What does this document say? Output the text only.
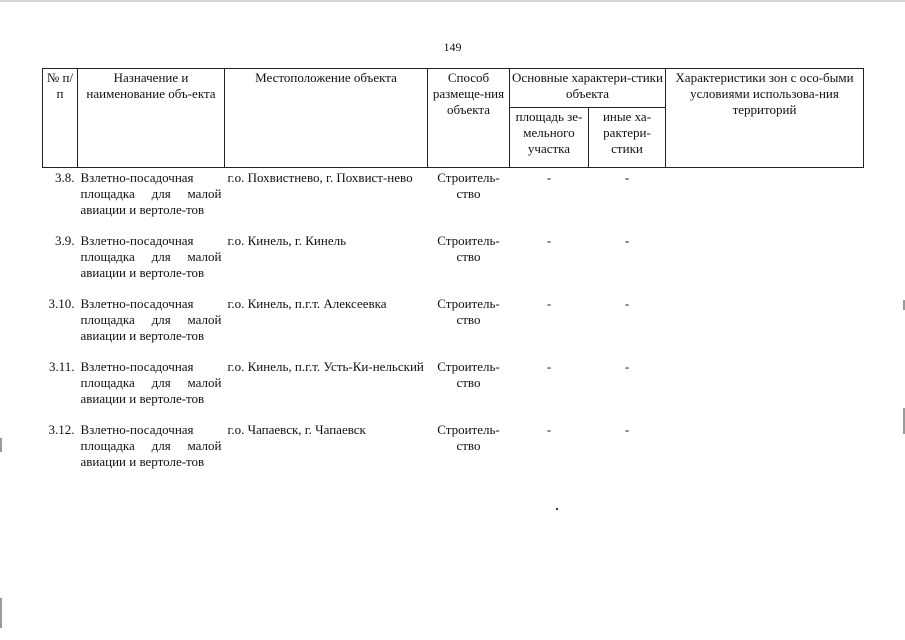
149
№ п/п	Назначение и наименование объ-екта	Местоположение объекта	Способ размеще-ния объекта	Основные характери-стики объекта		Характеристики зон с осо-быми условиями использова-ния территорий
				площадь зе-мельного участка	иные ха-рактери-стики	
3.8.	Взлетно-посадочная площадка для малой авиации и вертоле-тов	г.о. Похвистнево, г. Похвист-нево	Строитель-ство	-	-	
3.9.	Взлетно-посадочная площадка для малой авиации и вертоле-тов	г.о. Кинель, г. Кинель	Строитель-ство	-	-	
3.10.	Взлетно-посадочная площадка для малой авиации и вертоле-тов	г.о. Кинель, п.г.т. Алексеевка	Строитель-ство	-	-	
3.11.	Взлетно-посадочная площадка для малой авиации и вертоле-тов	г.о. Кинель, п.г.т. Усть-Ки-нельский	Строитель-ство	-	-	
3.12.	Взлетно-посадочная площадка для малой авиации и вертоле-тов	г.о. Чапаевск, г. Чапаевск	Строитель-ство	-	-	
